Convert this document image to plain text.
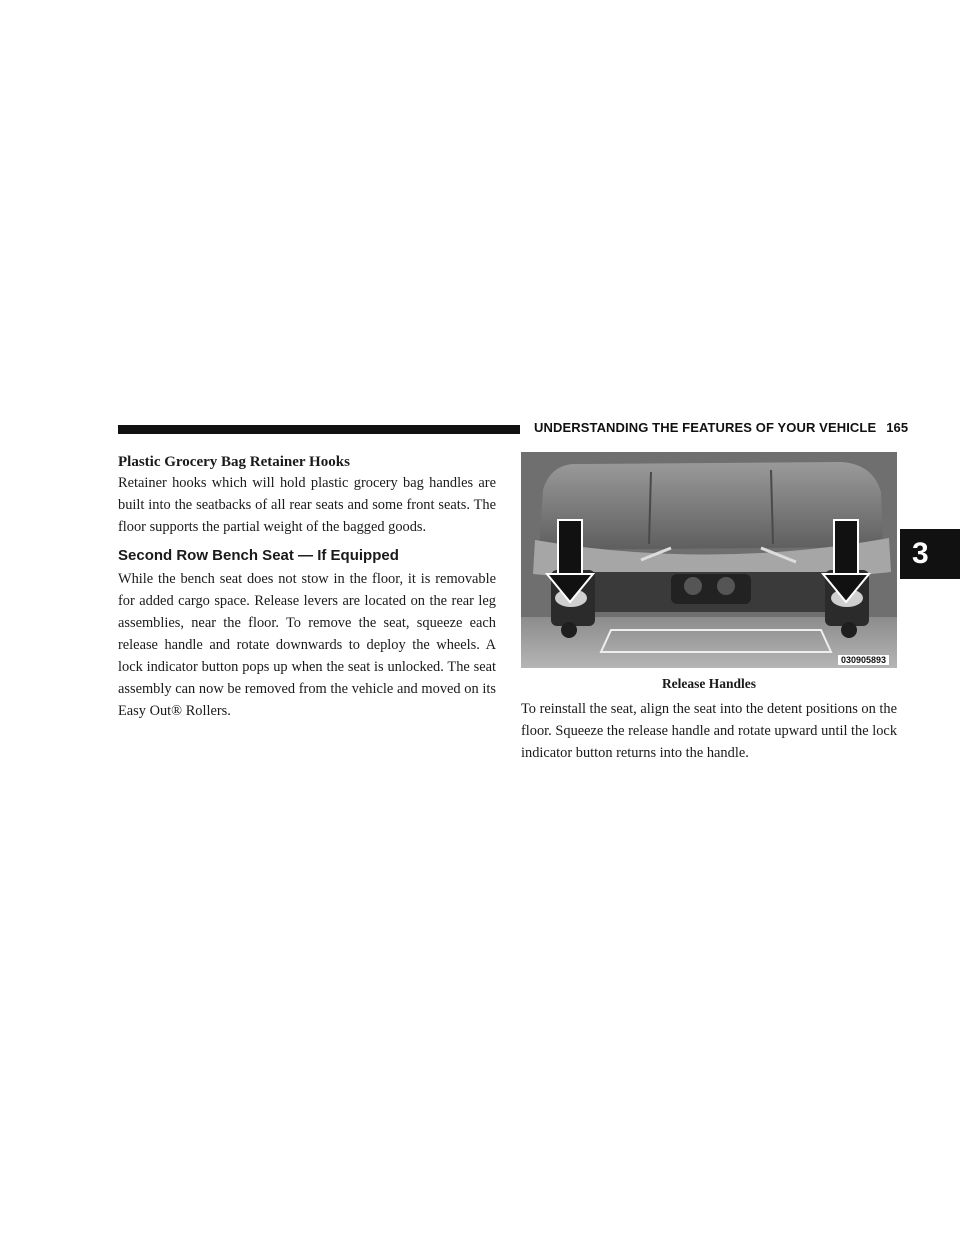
UNDERSTANDING THE FEATURES OF YOUR VEHICLE 165
3
Plastic Grocery Bag Retainer Hooks

Retainer hooks which will hold plastic grocery bag handles are built into the seatbacks of all rear seats and some front seats. The floor supports the partial weight of the bagged goods.

Second Row Bench Seat — If Equipped

While the bench seat does not stow in the floor, it is removable for added cargo space. Release levers are located on the rear leg assemblies, near the floor. To remove the seat, squeeze each release handle and rotate downwards to deploy the wheels. A lock indicator button pops up when the seat is unlocked. The seat assembly can now be removed from the vehicle and moved on its Easy Out® Rollers.

030905893
Release Handles

To reinstall the seat, align the seat into the detent positions on the floor. Squeeze the release handle and rotate upward until the lock indicator button returns into the handle.
